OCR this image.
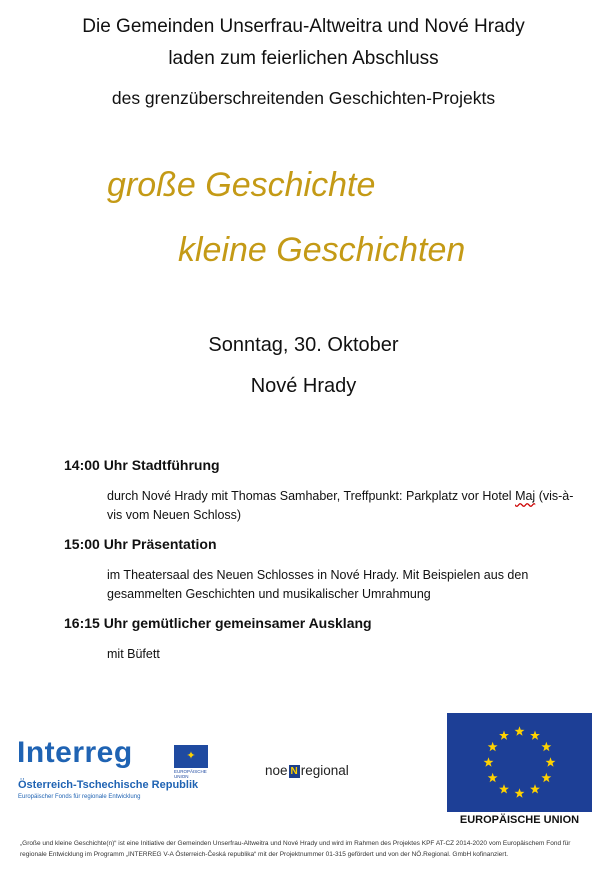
Die Gemeinden Unserfrau-Altweitra und Nové Hrady
laden zum feierlichen Abschluss
des grenzüberschreitenden Geschichten-Projekts
große Geschichte
kleine Geschichten
Sonntag, 30. Oktober
Nové Hrady
14:00 Uhr Stadtführung
durch Nové Hrady mit Thomas Samhaber, Treffpunkt: Parkplatz vor Hotel Maj (vis-à-vis vom Neuen Schloss)
15:00 Uhr Präsentation
im Theatersaal des Neuen Schlosses in Nové Hrady. Mit Beispielen aus den gesammelten Geschichten und musikalischer Umrahmung
16:15 Uhr gemütlicher gemeinsamer Ausklang
mit Büfett
Interreg	✦
EUROPÄISCHE UNION
Österreich-Tschechische Republik
Europäischer Fonds für regionale Entwicklung
noe N regional
EUROPÄISCHE UNION
„Große und kleine Geschichte(n)“ ist eine Initiative der Gemeinden Unserfrau-Altweitra und Nové Hrady und wird im Rahmen des Projektes KPF AT-CZ 2014-2020 vom Europäischem Fond für regionale Entwicklung im Programm „INTERREG V-A Österreich-Česká republika“ mit der Projektnummer 01-315 gefördert und von der NÖ.Regional. GmbH kofinanziert.
